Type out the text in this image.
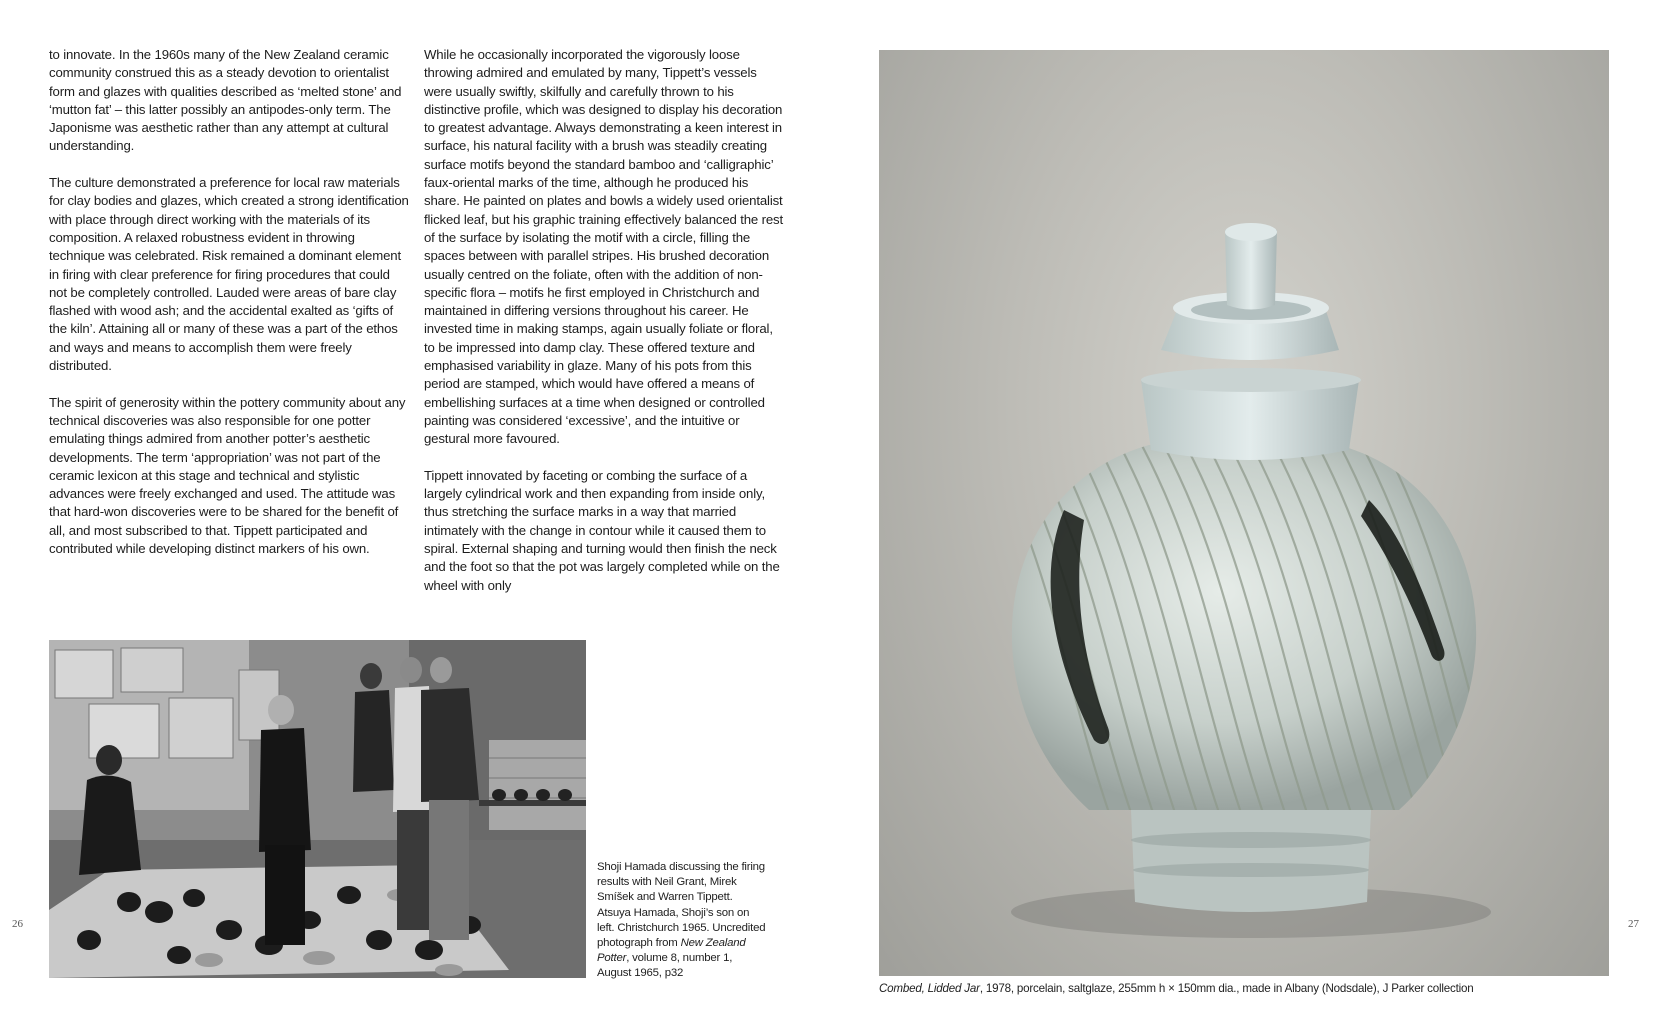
to innovate. In the 1960s many of the New Zealand ceramic community construed this as a steady devotion to orientalist form and glazes with qualities described as ‘melted stone’ and ‘mutton fat’ – this latter possibly an antipodes-only term. The Japonisme was aesthetic rather than any attempt at cultural understanding.

The culture demonstrated a preference for local raw materials for clay bodies and glazes, which created a strong identification with place through direct working with the materials of its composition. A relaxed robustness evident in throwing technique was celebrated. Risk remained a dominant element in firing with clear preference for firing procedures that could not be completely controlled. Lauded were areas of bare clay flashed with wood ash; and the accidental exalted as ‘gifts of the kiln’. Attaining all or many of these was a part of the ethos and ways and means to accomplish them were freely distributed.

The spirit of generosity within the pottery community about any technical discoveries was also responsible for one potter emulating things admired from another potter’s aesthetic developments. The term ‘appropriation’ was not part of the ceramic lexicon at this stage and technical and stylistic advances were freely exchanged and used. The attitude was that hard-won discoveries were to be shared for the benefit of all, and most subscribed to that. Tippett participated and contributed while developing distinct markers of his own.

While he occasionally incorporated the vigorously loose throwing admired and emulated by many, Tippett’s vessels were usually swiftly, skilfully and carefully thrown to his distinctive profile, which was designed to display his decoration to greatest advantage. Always demonstrating a keen interest in surface, his natural facility with a brush was steadily creating surface motifs beyond the standard bamboo and ‘calligraphic’ faux-oriental marks of the time, although he produced his share. He painted on plates and bowls a widely used orientalist flicked leaf, but his graphic training effectively balanced the rest of the surface by isolating the motif with a circle, filling the spaces between with parallel stripes. His brushed decoration usually centred on the foliate, often with the addition of non-specific flora – motifs he first employed in Christchurch and maintained in differing versions throughout his career. He invested time in making stamps, again usually foliate or floral, to be impressed into damp clay. These offered texture and emphasised variability in glaze. Many of his pots from this period are stamped, which would have offered a means of embellishing surfaces at a time when designed or controlled painting was considered ‘excessive’, and the intuitive or gestural more favoured.

Tippett innovated by faceting or combing the surface of a largely cylindrical work and then expanding from inside only, thus stretching the surface marks in a way that married intimately with the change in contour while it caused them to spiral. External shaping and turning would then finish the neck and the foot so that the pot was largely completed while on the wheel with only

Shoji Hamada discussing the firing results with Neil Grant, Mirek Smíšek and Warren Tippett. Atsuya Hamada, Shoji’s son on left. Christchurch 1965. Uncredited photograph from New Zealand Potter, volume 8, number 1, August 1965, p32
Combed, Lidded Jar, 1978, porcelain, saltglaze, 255mm h × 150mm dia., made in Albany (Nodsdale), J Parker collection
26	27
